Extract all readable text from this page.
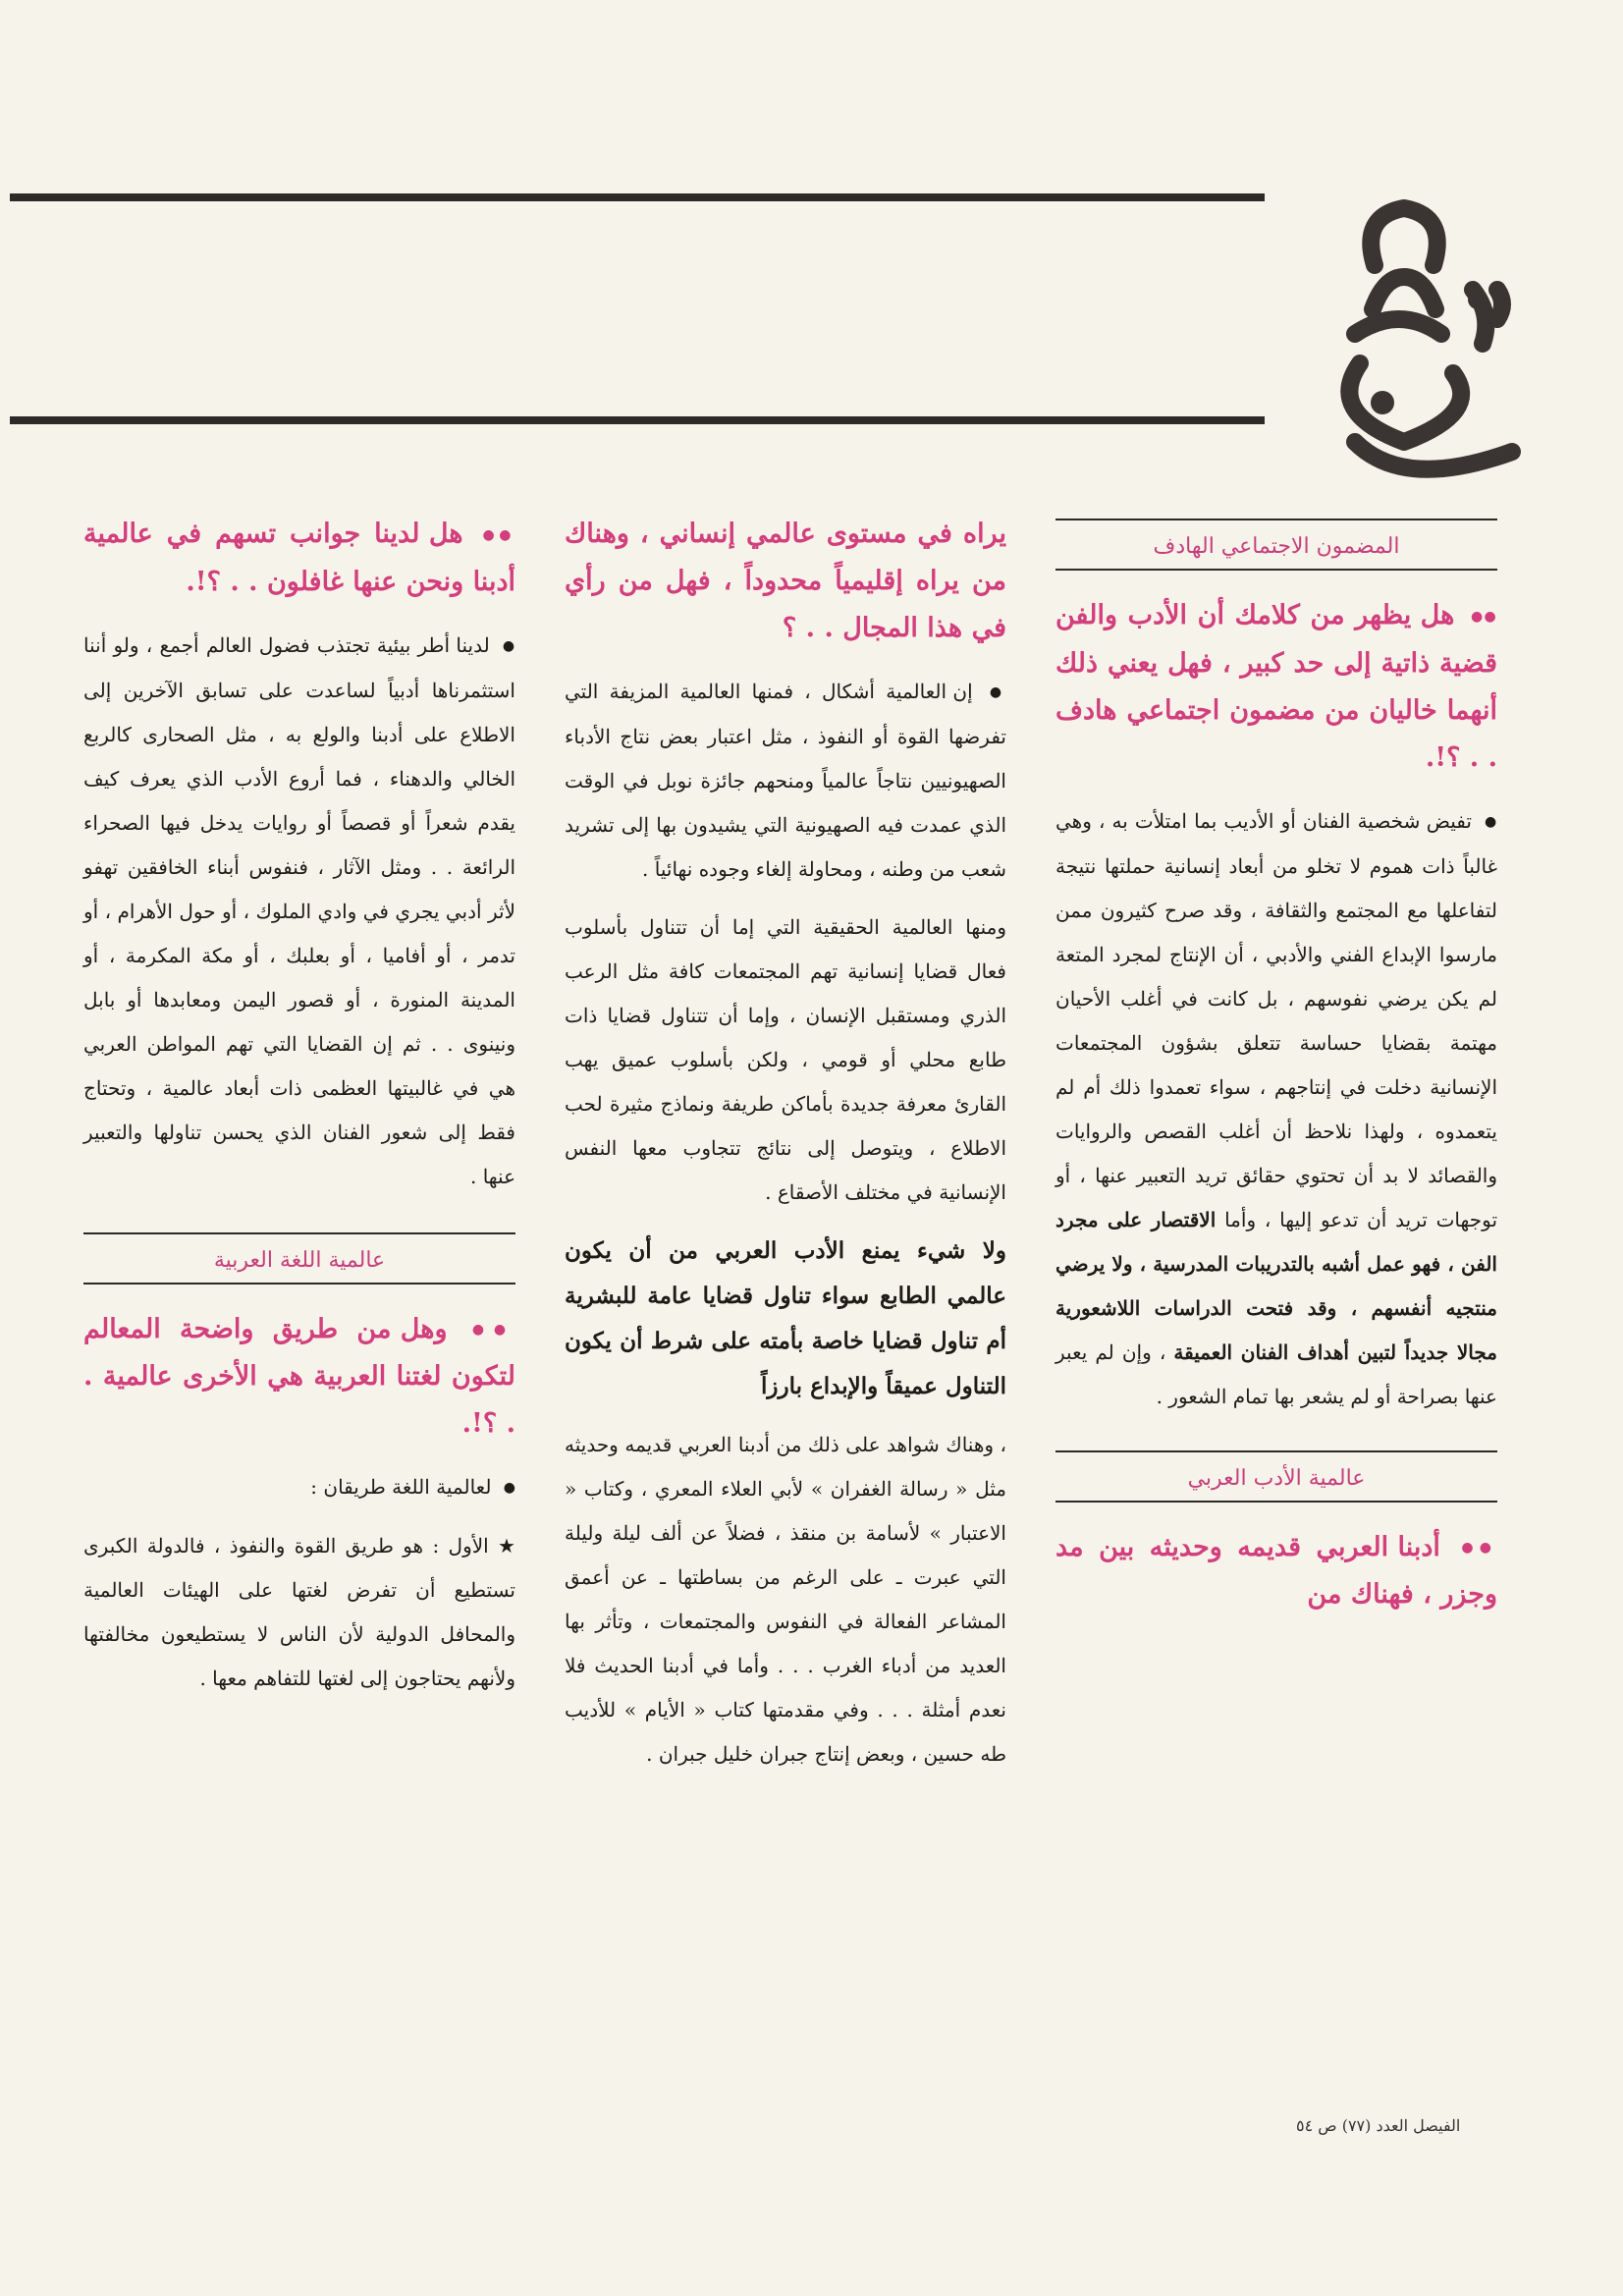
المضمون الاجتماعي الهادف

●● هل يظهر من كلامك أن الأدب والفن قضية ذاتية إلى حد كبير ، فهل يعني ذلك أنهما خاليان من مضمون اجتماعي هادف . . ؟!.

● تفيض شخصية الفنان أو الأديب بما امتلأت به ، وهي غالباً ذات هموم لا تخلو من أبعاد إنسانية حملتها نتيجة لتفاعلها مع المجتمع والثقافة ، وقد صرح كثيرون ممن مارسوا الإبداع الفني والأدبي ، أن الإنتاج لمجرد المتعة لم يكن يرضي نفوسهم ، بل كانت في أغلب الأحيان مهتمة بقضايا حساسة تتعلق بشؤون المجتمعات الإنسانية دخلت في إنتاجهم ، سواء تعمدوا ذلك أم لم يتعمدوه ، ولهذا نلاحظ أن أغلب القصص والروايات والقصائد لا بد أن تحتوي حقائق تريد التعبير عنها ، أو توجهات تريد أن تدعو إليها ، وأما الاقتصار على مجرد الفن ، فهو عمل أشبه بالتدريبات المدرسية ، ولا يرضي منتجيه أنفسهم ، وقد فتحت الدراسات اللاشعورية مجالا جديداً لتبين أهداف الفنان العميقة ، وإن لم يعبر عنها بصراحة أو لم يشعر بها تمام الشعور .

عالمية الأدب العربي

●● أدبنا العربي قديمه وحديثه بين مد وجزر ، فهناك من

يراه في مستوى عالمي إنساني ، وهناك من يراه إقليمياً محدوداً ، فهل من رأي في هذا المجال . . ؟

● إن العالمية أشكال ، فمنها العالمية المزيفة التي تفرضها القوة أو النفوذ ، مثل اعتبار بعض نتاج الأدباء الصهيونيين نتاجاً عالمياً ومنحهم جائزة نوبل في الوقت الذي عمدت فيه الصهيونية التي يشيدون بها إلى تشريد شعب من وطنه ، ومحاولة إلغاء وجوده نهائياً .

ومنها العالمية الحقيقية التي إما أن تتناول بأسلوب فعال قضايا إنسانية تهم المجتمعات كافة مثل الرعب الذري ومستقبل الإنسان ، وإما أن تتناول قضايا ذات طابع محلي أو قومي ، ولكن بأسلوب عميق يهب القارئ معرفة جديدة بأماكن طريفة ونماذج مثيرة لحب الاطلاع ، ويتوصل إلى نتائج تتجاوب معها النفس الإنسانية في مختلف الأصقاع .

ولا شيء يمنع الأدب العربي من أن يكون عالمي الطابع سواء تناول قضايا عامة للبشرية أم تناول قضايا خاصة بأمته على شرط أن يكون التناول عميقاً والإبداع بارزاً

، وهناك شواهد على ذلك من أدبنا العربي قديمه وحديثه مثل « رسالة الغفران » لأبي العلاء المعري ، وكتاب « الاعتبار » لأسامة بن منقذ ، فضلاً عن ألف ليلة وليلة التي عبرت ـ على الرغم من بساطتها ـ عن أعمق المشاعر الفعالة في النفوس والمجتمعات ، وتأثر بها العديد من أدباء الغرب . . . وأما في أدبنا الحديث فلا نعدم أمثلة . . . وفي مقدمتها كتاب « الأيام » للأديب طه حسين ، وبعض إنتاج جبران خليل جبران .

●● هل لدينا جوانب تسهم في عالمية أدبنا ونحن عنها غافلون . . ؟!.

● لدينا أطر بيئية تجتذب فضول العالم أجمع ، ولو أننا استثمرناها أدبياً لساعدت على تسابق الآخرين إلى الاطلاع على أدبنا والولع به ، مثل الصحارى كالربع الخالي والدهناء ، فما أروع الأدب الذي يعرف كيف يقدم شعراً أو قصصاً أو روايات يدخل فيها الصحراء الرائعة . . ومثل الآثار ، فنفوس أبناء الخافقين تهفو لأثر أدبي يجري في وادي الملوك ، أو حول الأهرام ، أو تدمر ، أو أفاميا ، أو بعلبك ، أو مكة المكرمة ، أو المدينة المنورة ، أو قصور اليمن ومعابدها أو بابل ونينوى . . ثم إن القضايا التي تهم المواطن العربي هي في غالبيتها العظمى ذات أبعاد عالمية ، وتحتاج فقط إلى شعور الفنان الذي يحسن تناولها والتعبير عنها .

عالمية اللغة العربية

●● وهل من طريق واضحة المعالم لتكون لغتنا العربية هي الأخرى عالمية . . ؟!.

● لعالمية اللغة طريقان :

★ الأول : هو طريق القوة والنفوذ ، فالدولة الكبرى تستطيع أن تفرض لغتها على الهيئات العالمية والمحافل الدولية لأن الناس لا يستطيعون مخالفتها ولأنهم يحتاجون إلى لغتها للتفاهم معها .

الفيصل العدد (٧٧) ص ٥٤
